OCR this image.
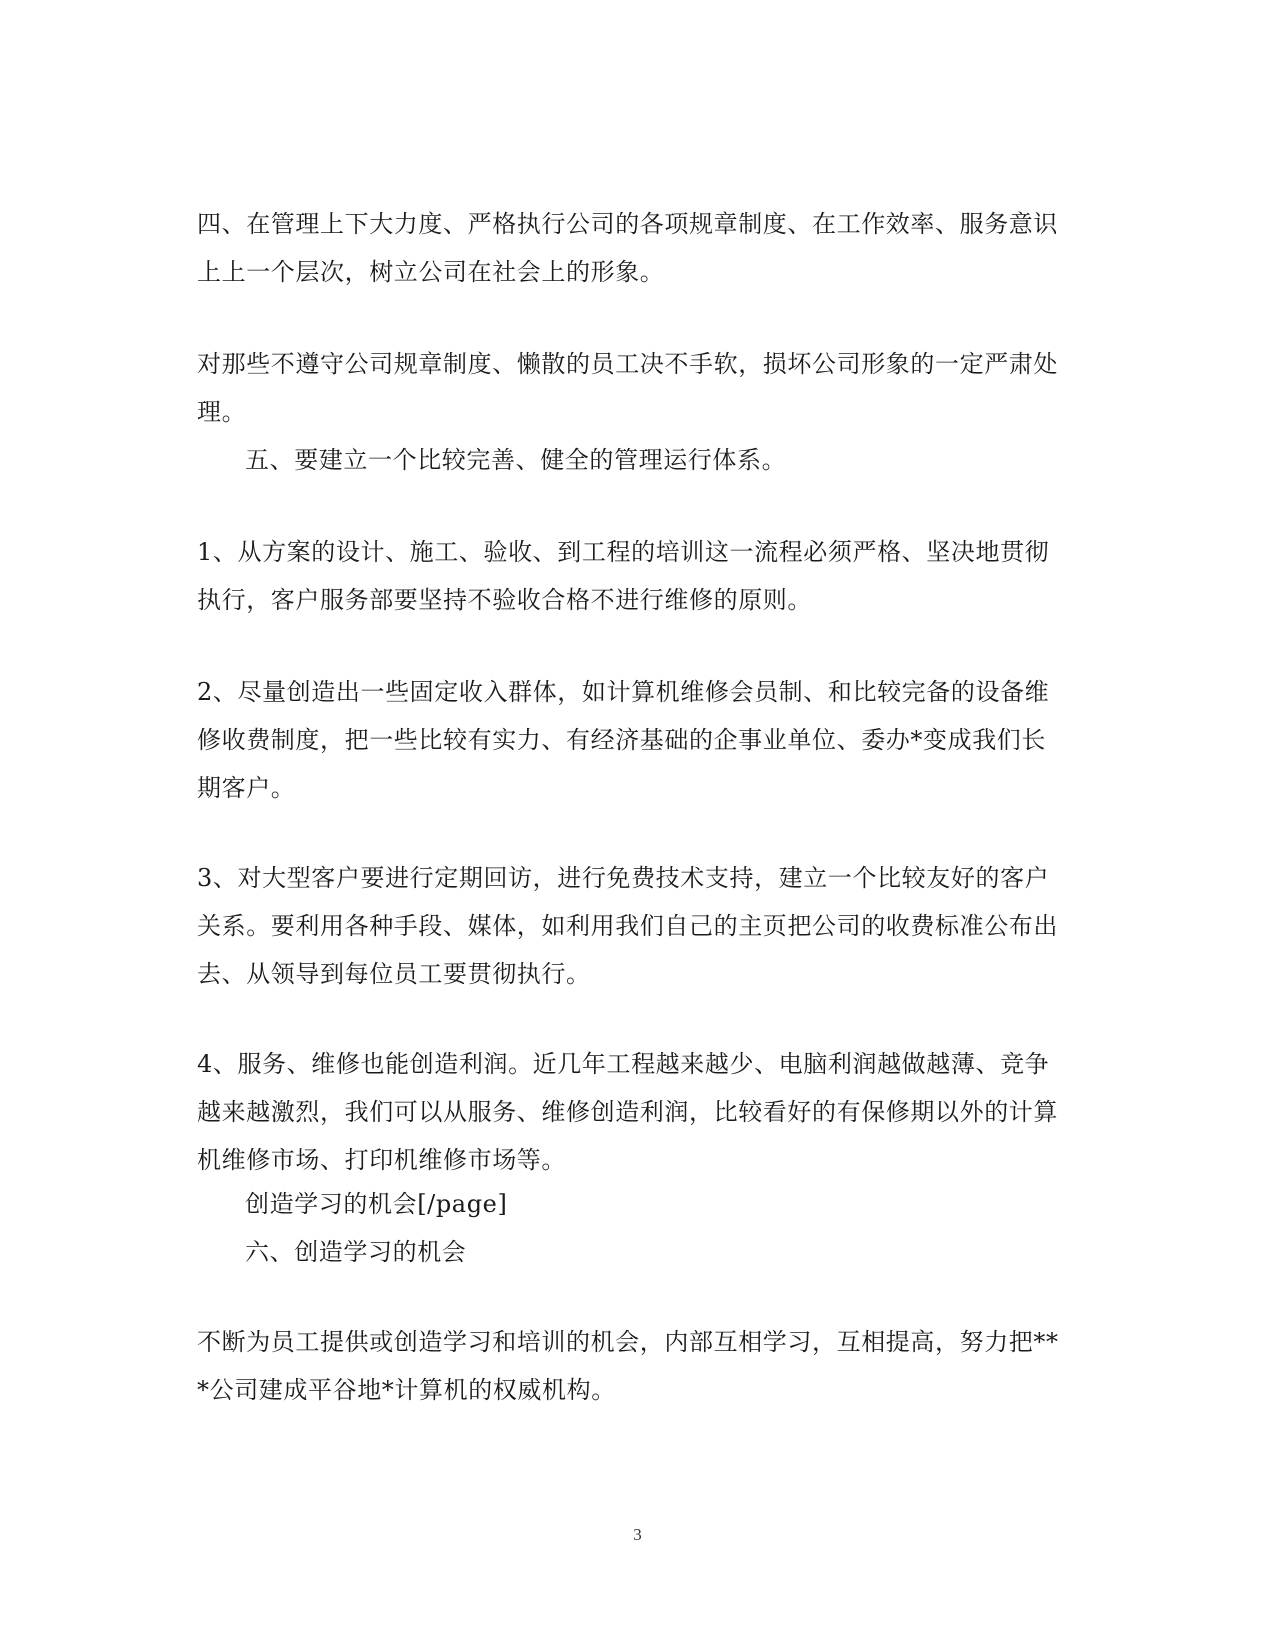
四、在管理上下大力度、严格执行公司的各项规章制度、在工作效率、服务意识
上上一个层次，树立公司在社会上的形象。

对那些不遵守公司规章制度、懒散的员工决不手软，损坏公司形象的一定严肃处
理。

五、要建立一个比较完善、健全的管理运行体系。

1、从方案的设计、施工、验收、到工程的培训这一流程必须严格、坚决地贯彻
执行，客户服务部要坚持不验收合格不进行维修的原则。

2、尽量创造出一些固定收入群体，如计算机维修会员制、和比较完备的设备维
修收费制度，把一些比较有实力、有经济基础的企事业单位、委办*变成我们长
期客户。

3、对大型客户要进行定期回访，进行免费技术支持，建立一个比较友好的客户
关系。要利用各种手段、媒体，如利用我们自己的主页把公司的收费标准公布出
去、从领导到每位员工要贯彻执行。

4、服务、维修也能创造利润。近几年工程越来越少、电脑利润越做越薄、竞争
越来越激烈，我们可以从服务、维修创造利润，比较看好的有保修期以外的计算
机维修市场、打印机维修市场等。

创造学习的机会[/page]

六、创造学习的机会

不断为员工提供或创造学习和培训的机会，内部互相学习，互相提高，努力把**
*公司建成平谷地*计算机的权威机构。

3
